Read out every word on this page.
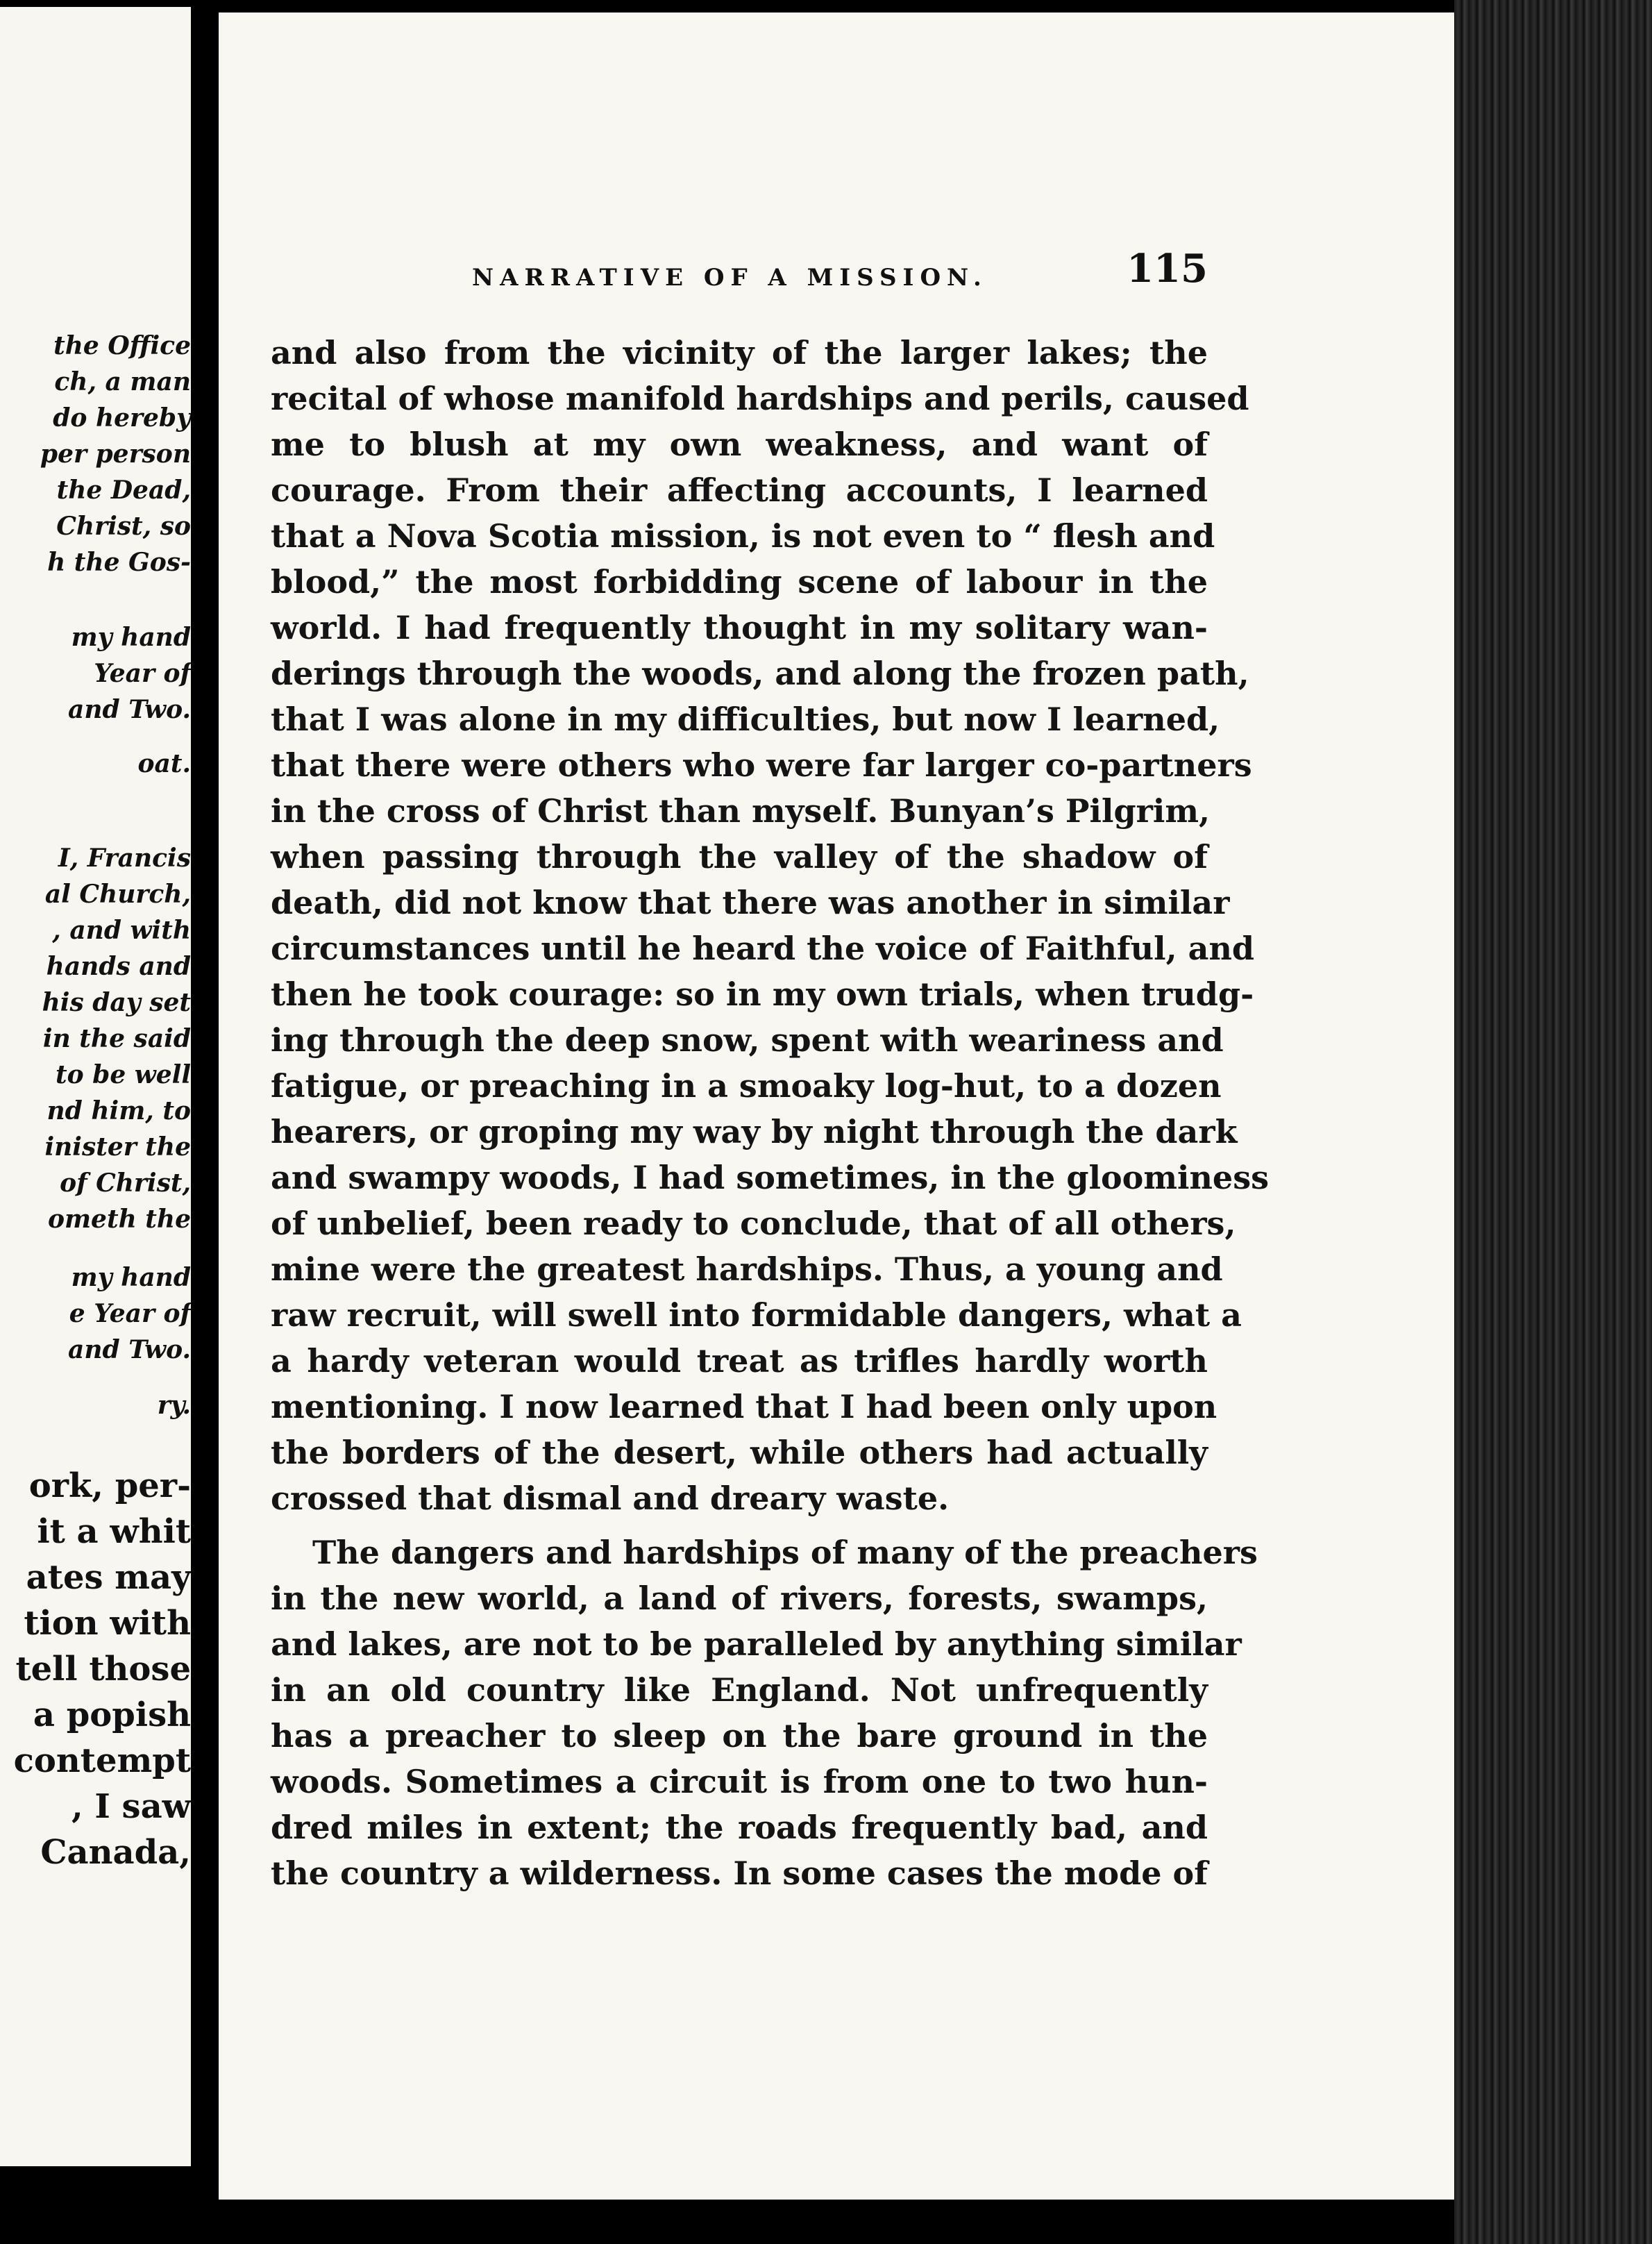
the Office
ch, a man
do hereby
per person
the Dead,
Christ, so
h the Gos-
my hand
Year of
and Two.
oat.
I, Francis
al Church,
, and with
hands and
his day set
in the said
to be well
nd him, to
inister the
of Christ,
ometh the
my hand
e Year of
and Two.
ry.
ork, per-
it a whit
ates may
tion with
tell those
a popish
contempt
, I saw
Canada,
NARRATIVE OF A MISSION.	115
and also from the vicinity of the larger lakes; the
recital of whose manifold hardships and perils, caused
me to blush at my own weakness, and want of
courage. From their affecting accounts, I learned
that a Nova Scotia mission, is not even to “ flesh and
blood,” the most forbidding scene of labour in the
world. I had frequently thought in my solitary wan-
derings through the woods, and along the frozen path,
that I was alone in my difficulties, but now I learned,
that there were others who were far larger co-partners
in the cross of Christ than myself. Bunyan’s Pilgrim,
when passing through the valley of the shadow of
death, did not know that there was another in similar
circumstances until he heard the voice of Faithful, and
then he took courage: so in my own trials, when trudg-
ing through the deep snow, spent with weariness and
fatigue, or preaching in a smoaky log-hut, to a dozen
hearers, or groping my way by night through the dark
and swampy woods, I had sometimes, in the gloominess
of unbelief, been ready to conclude, that of all others,
mine were the greatest hardships. Thus, a young and
raw recruit, will swell into formidable dangers, what a
a hardy veteran would treat as trifles hardly worth
mentioning. I now learned that I had been only upon
the borders of the desert, while others had actually
crossed that dismal and dreary waste.
The dangers and hardships of many of the preachers
in the new world, a land of rivers, forests, swamps,
and lakes, are not to be paralleled by anything similar
in an old country like England. Not unfrequently
has a preacher to sleep on the bare ground in the
woods. Sometimes a circuit is from one to two hun-
dred miles in extent; the roads frequently bad, and
the country a wilderness. In some cases the mode of
